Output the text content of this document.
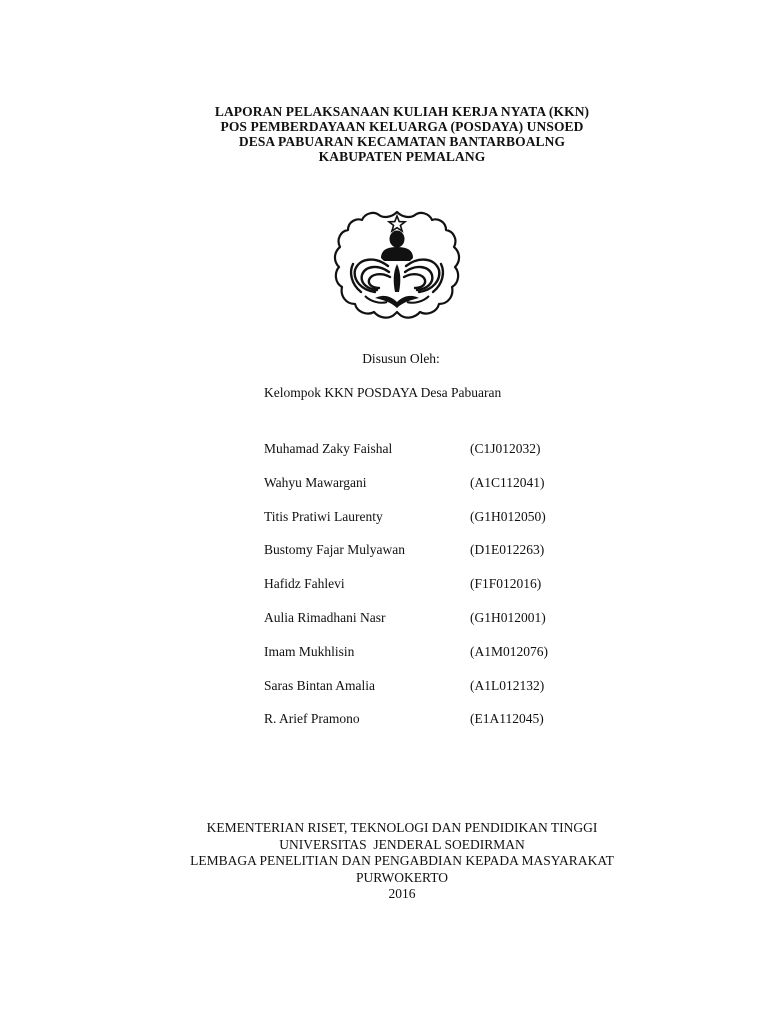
LAPORAN PELAKSANAAN KULIAH KERJA NYATA (KKN)
POS PEMBERDAYAAN KELUARGA (POSDAYA) UNSOED
DESA PABUARAN KECAMATAN BANTARBOALNG
KABUPATEN PEMALANG
Disusun Oleh:
Kelompok KKN POSDAYA Desa Pabuaran
Muhamad Zaky Faishal	(C1J012032)
Wahyu Mawargani	(A1C112041)
Titis Pratiwi Laurenty	(G1H012050)
Bustomy Fajar Mulyawan	(D1E012263)
Hafidz Fahlevi	(F1F012016)
Aulia Rimadhani Nasr	(G1H012001)
Imam Mukhlisin	(A1M012076)
Saras Bintan Amalia	(A1L012132)
R. Arief Pramono	(E1A112045)
KEMENTERIAN RISET, TEKNOLOGI DAN PENDIDIKAN TINGGI
UNIVERSITAS  JENDERAL SOEDIRMAN
LEMBAGA PENELITIAN DAN PENGABDIAN KEPADA MASYARAKAT
PURWOKERTO
2016
